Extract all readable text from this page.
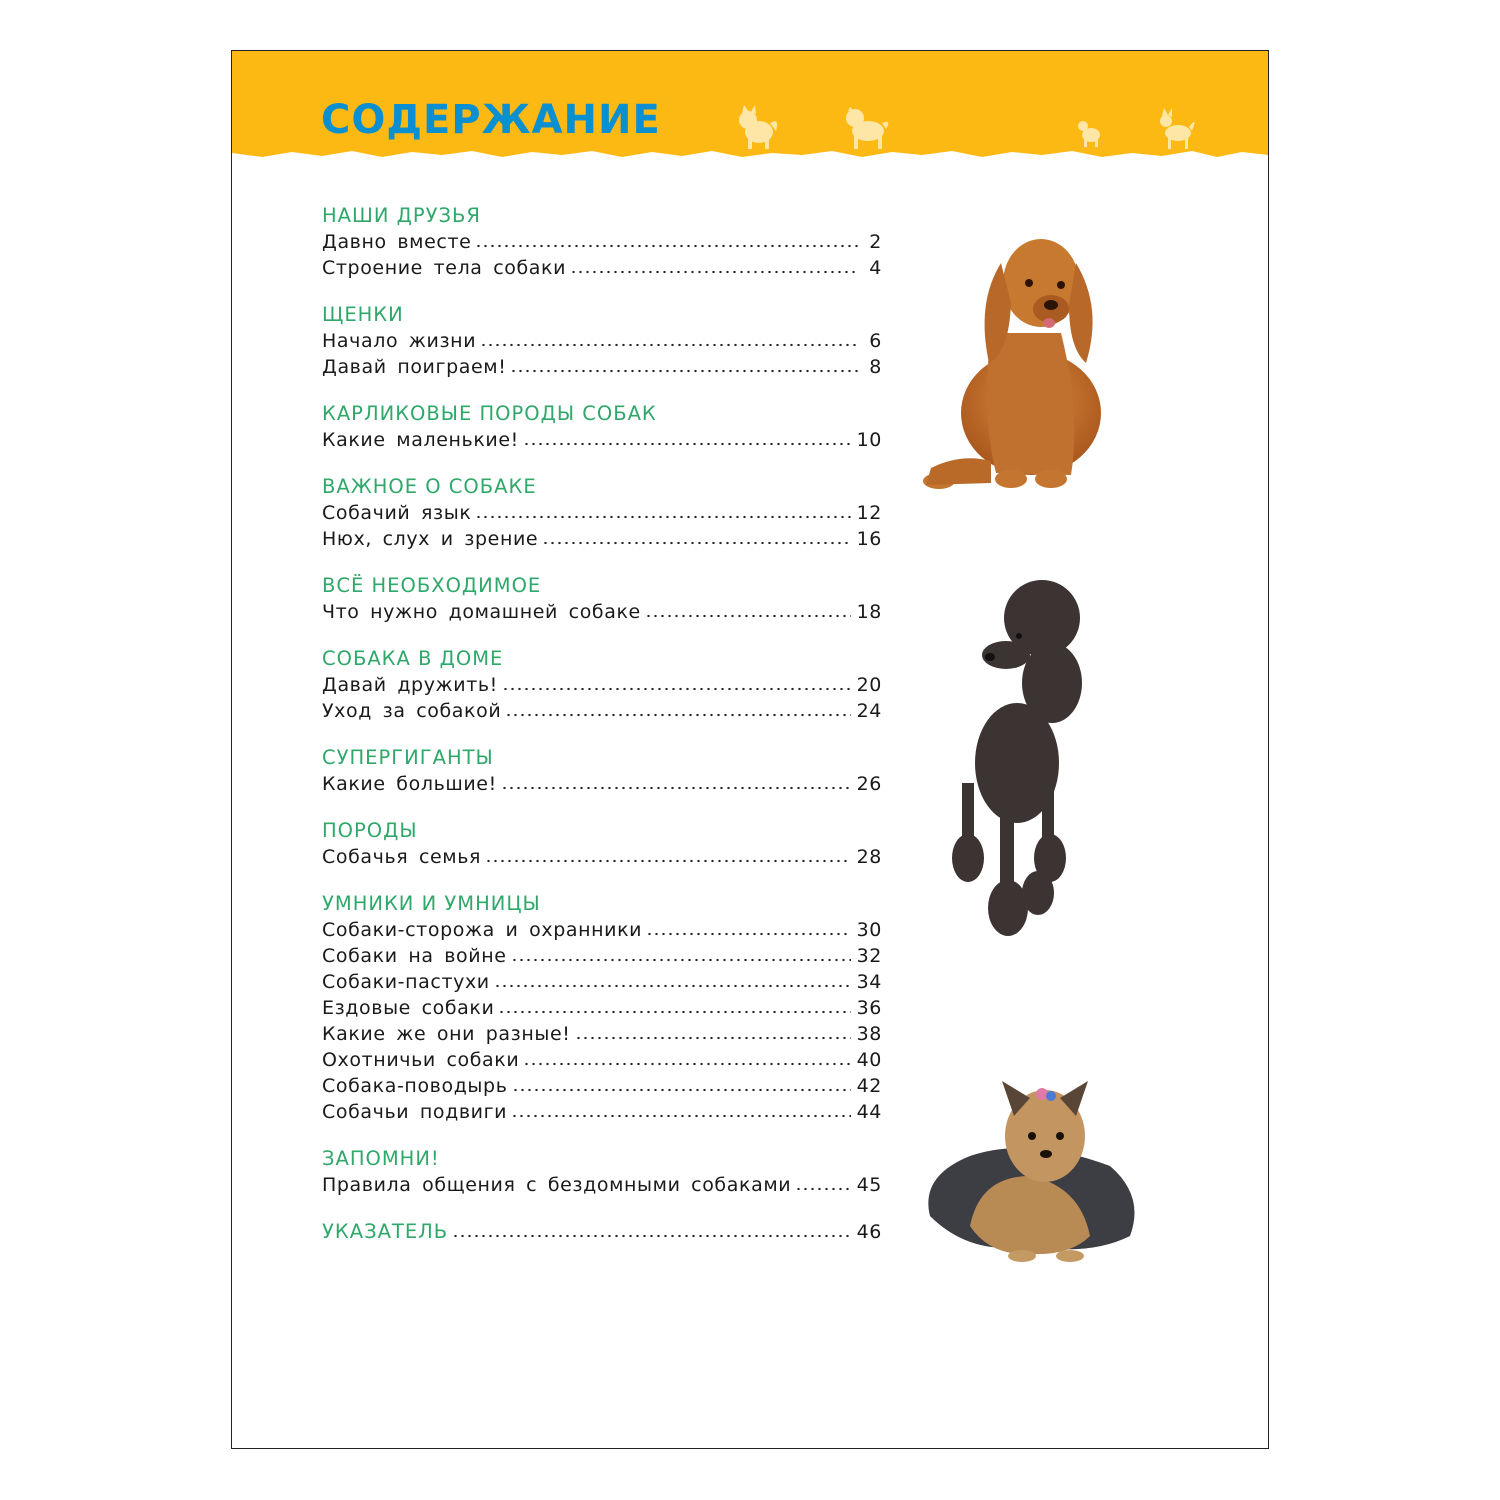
СОДЕРЖАНИЕ
НАШИ ДРУЗЬЯ
Давно вместе	2
Строение тела собаки	4
ЩЕНКИ
Начало жизни	6
Давай поиграем!	8
КАРЛИКОВЫЕ ПОРОДЫ СОБАК
Какие маленькие!	10
ВАЖНОЕ О СОБАКЕ
Собачий язык	12
Нюх, слух и зрение	16
ВСЁ НЕОБХОДИМОЕ
Что нужно домашней собаке	18
СОБАКА В ДОМЕ
Давай дружить!	20
Уход за собакой	24
СУПЕРГИГАНТЫ
Какие большие!	26
ПОРОДЫ
Собачья семья	28
УМНИКИ И УМНИЦЫ
Собаки-сторожа и охранники	30
Собаки на войне	32
Собаки-пастухи	34
Ездовые собаки	36
Какие же они разные!	38
Охотничьи собаки	40
Собака-поводырь	42
Собачьи подвиги	44
ЗАПОМНИ!
Правила общения с бездомными собаками	45
УКАЗАТЕЛЬ	46
